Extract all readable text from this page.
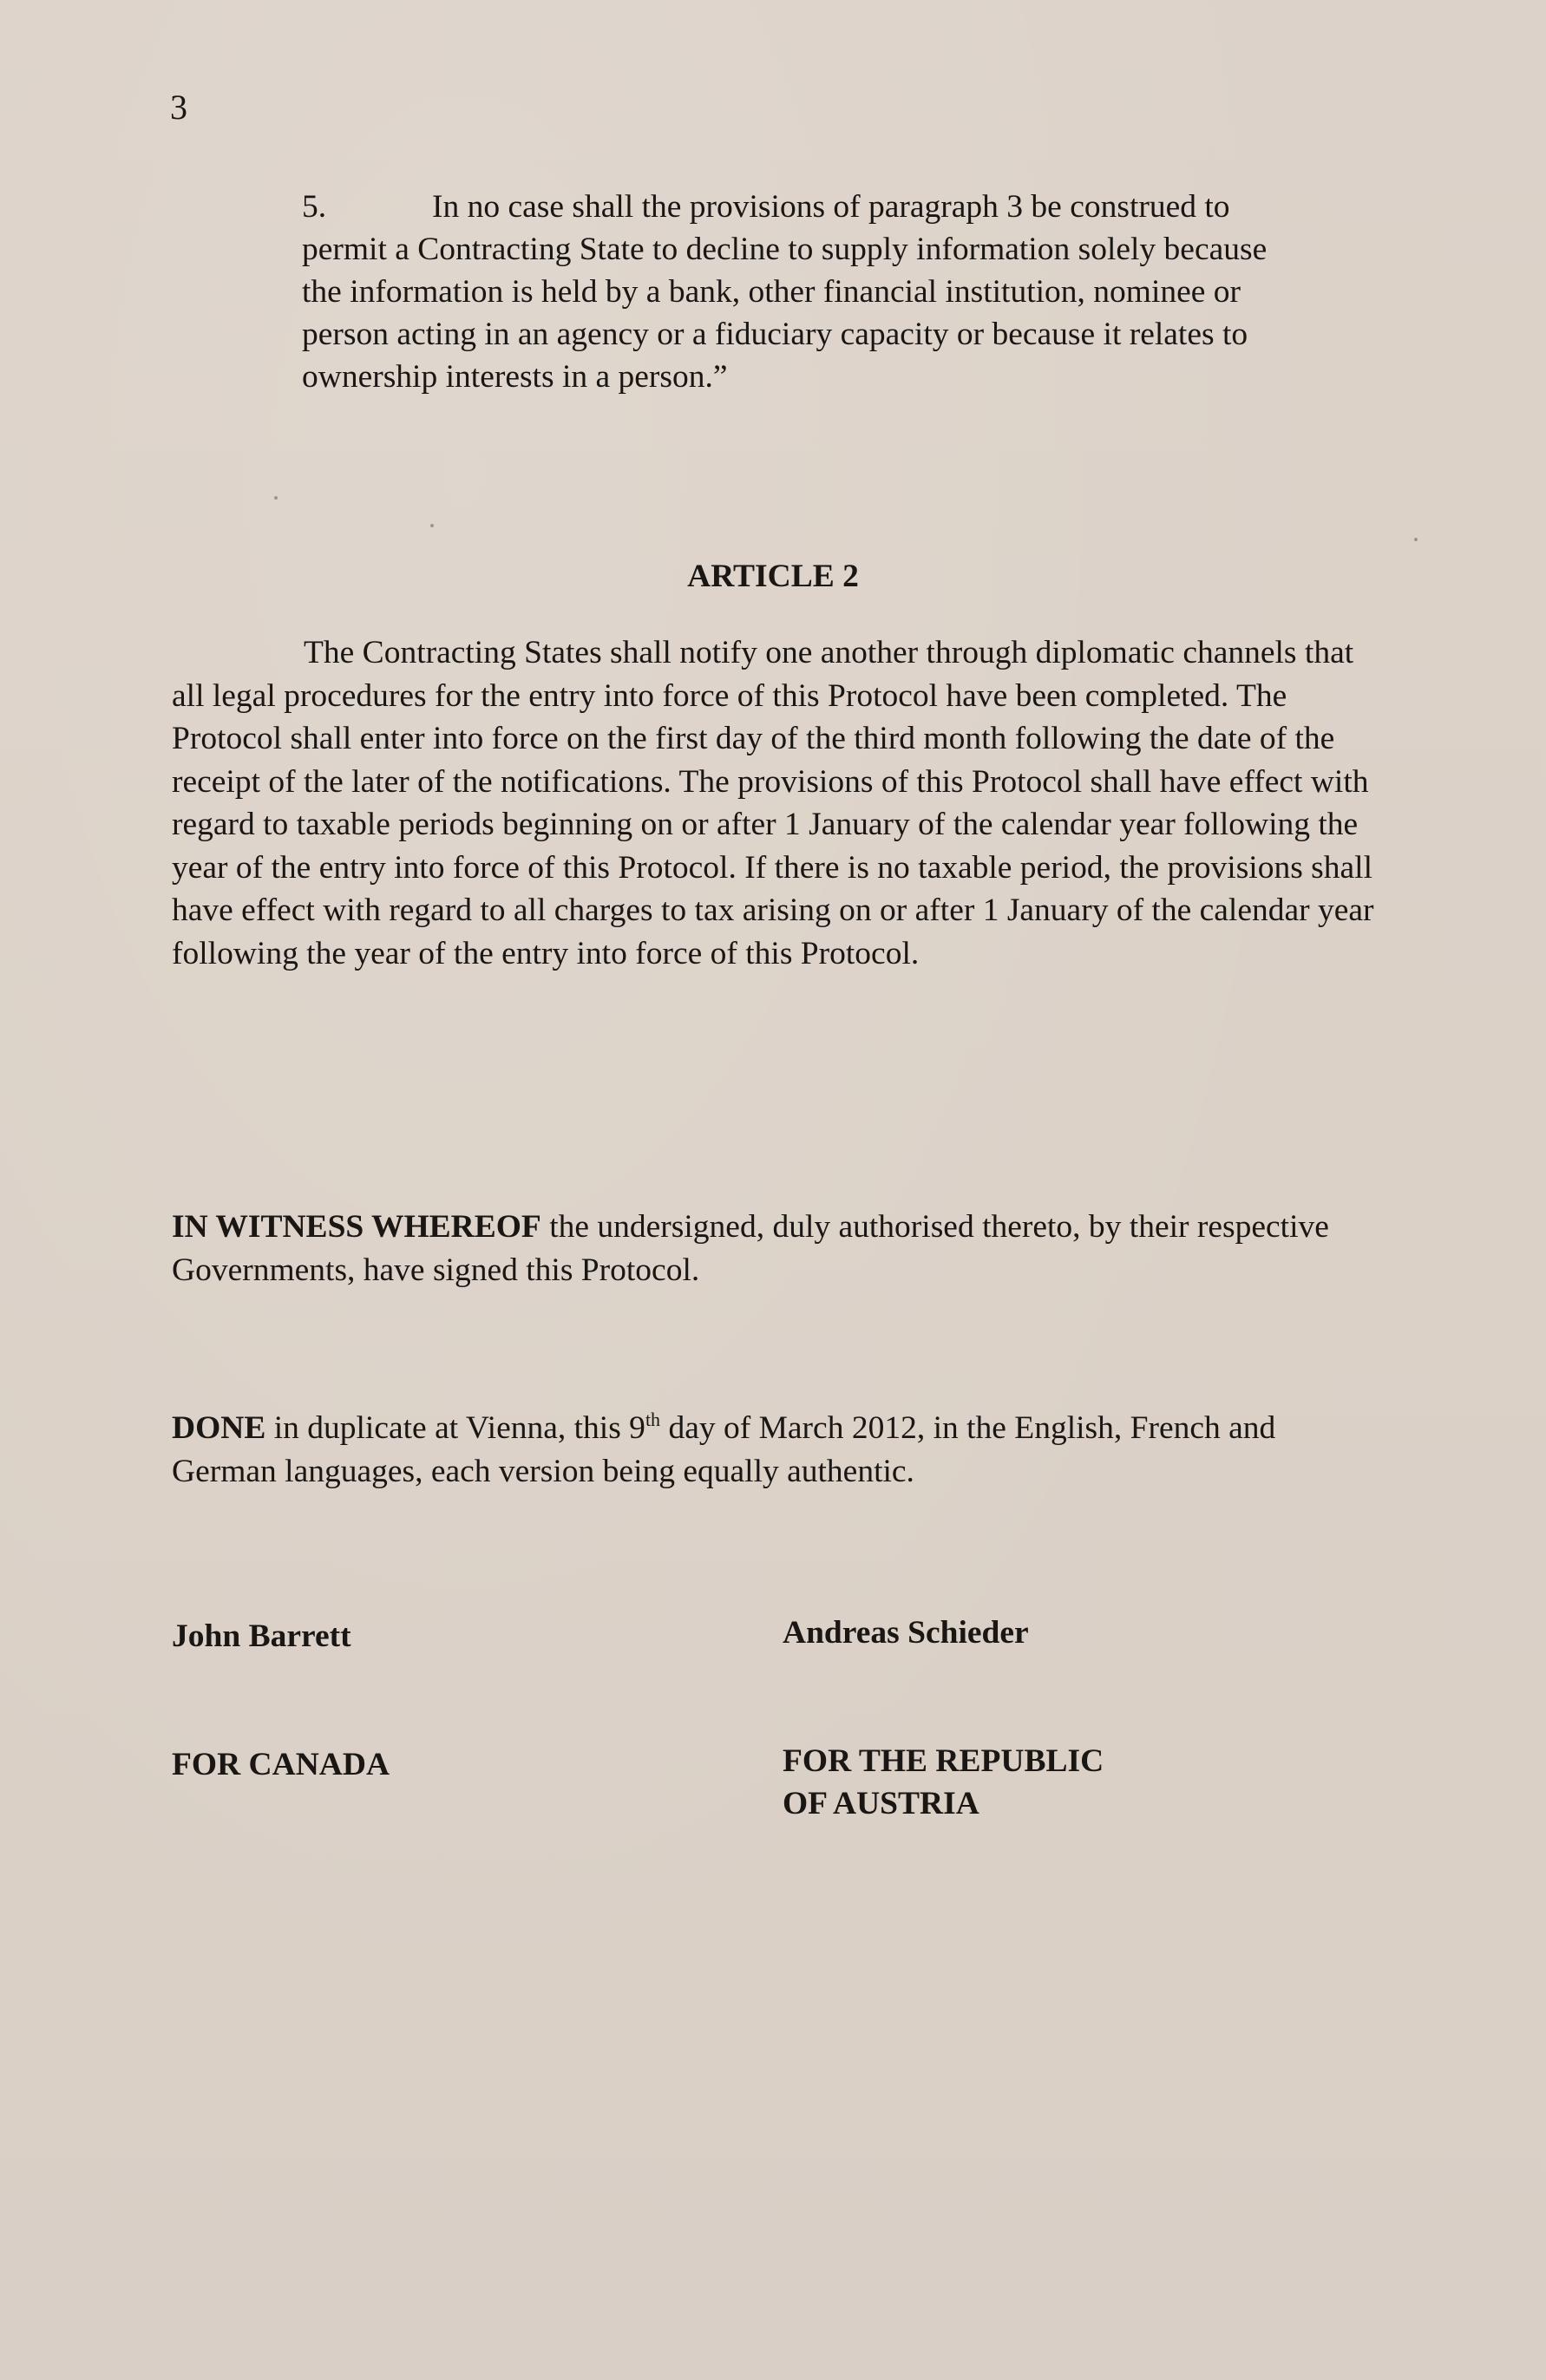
3
5.	In no case shall the provisions of paragraph 3 be construed to permit a Contracting State to decline to supply information solely because the information is held by a bank, other financial institution, nominee or person acting in an agency or a fiduciary capacity or because it relates to ownership interests in a person.”
ARTICLE 2
The Contracting States shall notify one another through diplomatic channels that all legal procedures for the entry into force of this Protocol have been completed. The Protocol shall enter into force on the first day of the third month following the date of the receipt of the later of the notifications. The provisions of this Protocol shall have effect with regard to taxable periods beginning on or after 1 January of the calendar year following the year of the entry into force of this Protocol. If there is no taxable period, the provisions shall have effect with regard to all charges to tax arising on or after 1 January of the calendar year following the year of the entry into force of this Protocol.
IN WITNESS WHEREOF the undersigned, duly authorised thereto, by their respective Governments, have signed this Protocol.
DONE in duplicate at Vienna, this 9th day of March 2012, in the English, French and German languages, each version being equally authentic.
John Barrett	Andreas Schieder
FOR CANADA	FOR THE REPUBLIC
OF AUSTRIA
